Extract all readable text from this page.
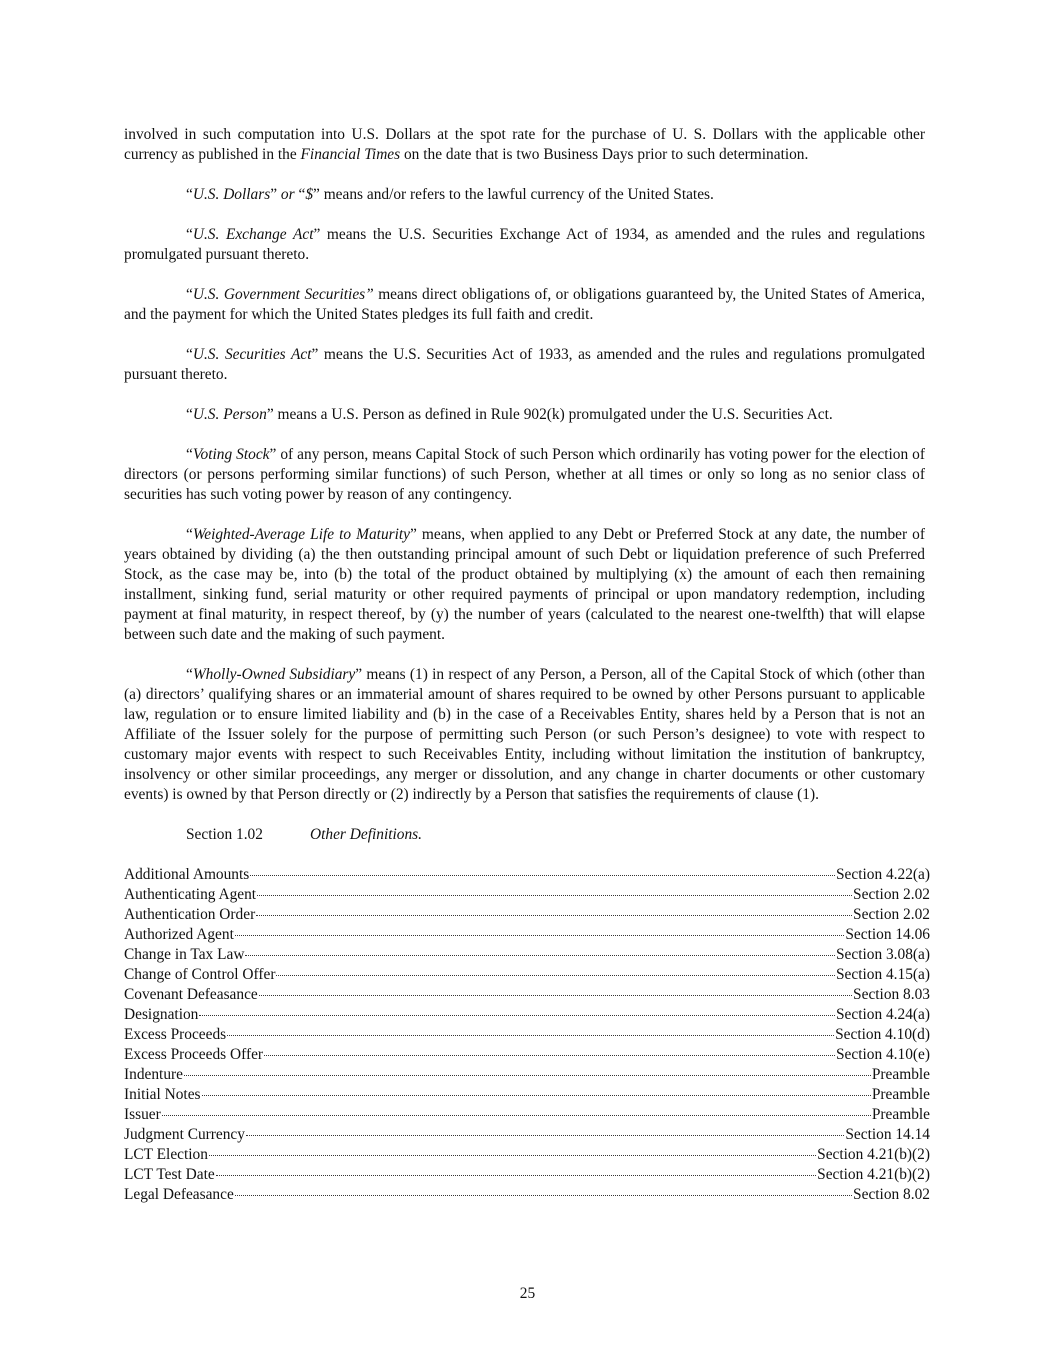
involved in such computation into U.S. Dollars at the spot rate for the purchase of U. S. Dollars with the applicable other currency as published in the Financial Times on the date that is two Business Days prior to such determination.

“U.S. Dollars” or “$” means and/or refers to the lawful currency of the United States.

“U.S. Exchange Act” means the U.S. Securities Exchange Act of 1934, as amended and the rules and regulations promulgated pursuant thereto.

“U.S. Government Securities” means direct obligations of, or obligations guaranteed by, the United States of America, and the payment for which the United States pledges its full faith and credit.

“U.S. Securities Act” means the U.S. Securities Act of 1933, as amended and the rules and regulations promulgated pursuant thereto.

“U.S. Person” means a U.S. Person as defined in Rule 902(k) promulgated under the U.S. Securities Act.

“Voting Stock” of any person, means Capital Stock of such Person which ordinarily has voting power for the election of directors (or persons performing similar functions) of such Person, whether at all times or only so long as no senior class of securities has such voting power by reason of any contingency.

“Weighted-Average Life to Maturity” means, when applied to any Debt or Preferred Stock at any date, the number of years obtained by dividing (a) the then outstanding principal amount of such Debt or liquidation preference of such Preferred Stock, as the case may be, into (b) the total of the product obtained by multiplying (x) the amount of each then remaining installment, sinking fund, serial maturity or other required payments of principal or upon mandatory redemption, including payment at final maturity, in respect thereof, by (y) the number of years (calculated to the nearest one-twelfth) that will elapse between such date and the making of such payment.

“Wholly-Owned Subsidiary” means (1) in respect of any Person, a Person, all of the Capital Stock of which (other than (a) directors’ qualifying shares or an immaterial amount of shares required to be owned by other Persons pursuant to applicable law, regulation or to ensure limited liability and (b) in the case of a Receivables Entity, shares held by a Person that is not an Affiliate of the Issuer solely for the purpose of permitting such Person (or such Person’s designee) to vote with respect to customary major events with respect to such Receivables Entity, including without limitation the institution of bankruptcy, insolvency or other similar proceedings, any merger or dissolution, and any change in charter documents or other customary events) is owned by that Person directly or (2) indirectly by a Person that satisfies the requirements of clause (1).

Section 1.02	Other Definitions.
Additional Amounts	Section 4.22(a)
Authenticating Agent	Section 2.02
Authentication Order	Section 2.02
Authorized Agent	Section 14.06
Change in Tax Law	Section 3.08(a)
Change of Control Offer	Section 4.15(a)
Covenant Defeasance	Section 8.03
Designation	Section 4.24(a)
Excess Proceeds	Section 4.10(d)
Excess Proceeds Offer	Section 4.10(e)
Indenture	Preamble
Initial Notes	Preamble
Issuer	Preamble
Judgment Currency	Section 14.14
LCT Election	Section 4.21(b)(2)
LCT Test Date	Section 4.21(b)(2)
Legal Defeasance	Section 8.02
25
